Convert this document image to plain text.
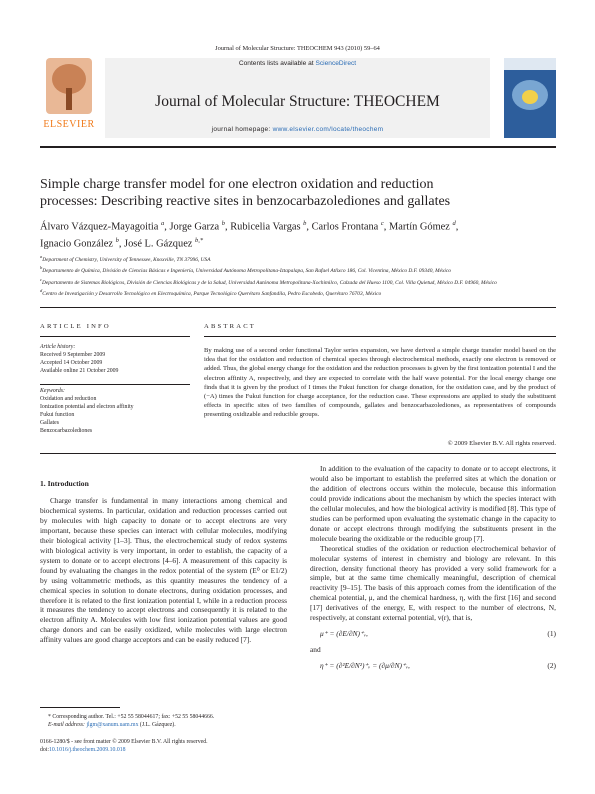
Journal of Molecular Structure: THEOCHEM 943 (2010) 59–64
ELSEVIER
Contents lists available at ScienceDirect
Journal of Molecular Structure: THEOCHEM
journal homepage: www.elsevier.com/locate/theochem
Simple charge transfer model for one electron oxidation and reduction
processes: Describing reactive sites in benzocarbazolediones and gallates
Álvaro Vázquez-Mayagoitia $^a$, Jorge Garza $^b$, Rubicelia Vargas $^b$, Carlos Frontana $^c$, Martín Gómez $^d$,
Ignacio González $^b$, José L. Gázquez $^{b,*}$
$^a$Department of Chemistry, University of Tennessee, Knoxville, TN 37996, USA
$^b$Departamento de Química, División de Ciencias Básicas e Ingeniería, Universidad Autónoma Metropolitana-Iztapalapa, San Rafael Atlixco 186, Col. Vicentina, México D.F. 09340, México
$^c$Departamento de Sistemas Biológicos, División de Ciencias Biológicas y de la Salud, Universidad Autónoma Metropolitana-Xochimilco, Calzada del Hueso 1100, Col. Villa Quietud, México D.F. 04960, México
$^d$Centro de Investigación y Desarrollo Tecnológico en Electroquímica, Parque Tecnológico Querétaro Sanfandila, Pedro Escobedo, Querétaro 76703, México
ARTICLE INFO	ABSTRACT
Article history:
Received 9 September 2009
Accepted 14 October 2009
Available online 21 October 2009
Keywords:
Oxidation and reduction
Ionization potential and electron affinity
Fukui function
Gallates
Benzocarbazolediones
By making use of a second order functional Taylor series expansion, we have derived a simple charge transfer model based on the idea that for the oxidation and reduction of chemical species through electrochemical methods, exactly one electron is removed or added. Thus, the global energy change for the oxidation and the reduction processes is given by the first ionization potential I and the electron affinity A, respectively, and they are expected to correlate with the half wave potential. For the local energy change one finds that it is given by the product of I times the Fukui function for charge donation, for the oxidation case, and by the product of (−A) times the Fukui function for charge acceptance, for the reduction case. These expressions are applied to study the substituent effects in specific sites of two families of compounds, gallates and benzocarbazolediones, as representatives of compounds presenting oxidizable and reducible groups.
© 2009 Elsevier B.V. All rights reserved.
1. Introduction

Charge transfer is fundamental in many interactions among chemical and biochemical systems. In particular, oxidation and reduction processes carried out by molecules with high capacity to donate or to accept electrons are very important, because these species can interact with cellular molecules, modifying their biological activity [1–3]. Thus, the electrochemical study of redox systems with biological activity is very important, in order to establish, the capacity of a system to donate or to accept electrons [4–6]. A measurement of this capacity is found by evaluating the changes in the redox potential of the system (E⁰ or E1/2) by using voltammetric methods, as this quantity measures the tendency of a chemical species in solution to donate electrons, during oxidation processes, and therefore it is related to the first ionization potential I, while in a reduction process it measures the tendency to accept electrons and consequently it is related to the electron affinity A. Molecules with low first ionization potential values are good charge donors and can be easily oxidized, while molecules with large electron affinity values are good charge acceptors and can be easily reduced [7].

In addition to the evaluation of the capacity to donate or to accept electrons, it would also be important to establish the preferred sites at which the donation or the addition of electrons occurs within the molecule, because this information could provide indications about the mechanism by which the species interact with the cellular molecules, and how the biological activity is modified [8]. This type of studies can be performed upon evaluating the systematic change in the capacity to donate or accept electrons through modifying the substituents present in the molecule bearing the oxidizable or the reducible group [7].

Theoretical studies of the oxidation or reduction electrochemical behavior of molecular systems of interest in chemistry and biology are relevant. In this direction, density functional theory has provided a very solid framework for a simple, but at the same time chemically meaningful, description of chemical reactivity [9–15]. The basis of this approach comes from the identification of the chemical potential, μ, and the chemical hardness, η, with the first [16] and second [17] derivatives of the energy, E, with respect to the number of electrons, N, respectively, at constant external potential, v(r), that is,

μ⁺ = (∂E/∂N)⁺ᵥ,	(1)
and
η⁺ = (∂²E/∂N²)⁺ᵥ = (∂μ/∂N)⁺ᵥ,	(2)
* Corresponding author. Tel.: +52 55 58044617; fax: +52 55 58044666.
E-mail address: jlgm@xanum.uam.mx (J.L. Gázquez).
0166-1280/$ - see front matter © 2009 Elsevier B.V. All rights reserved.
doi:10.1016/j.theochem.2009.10.018
